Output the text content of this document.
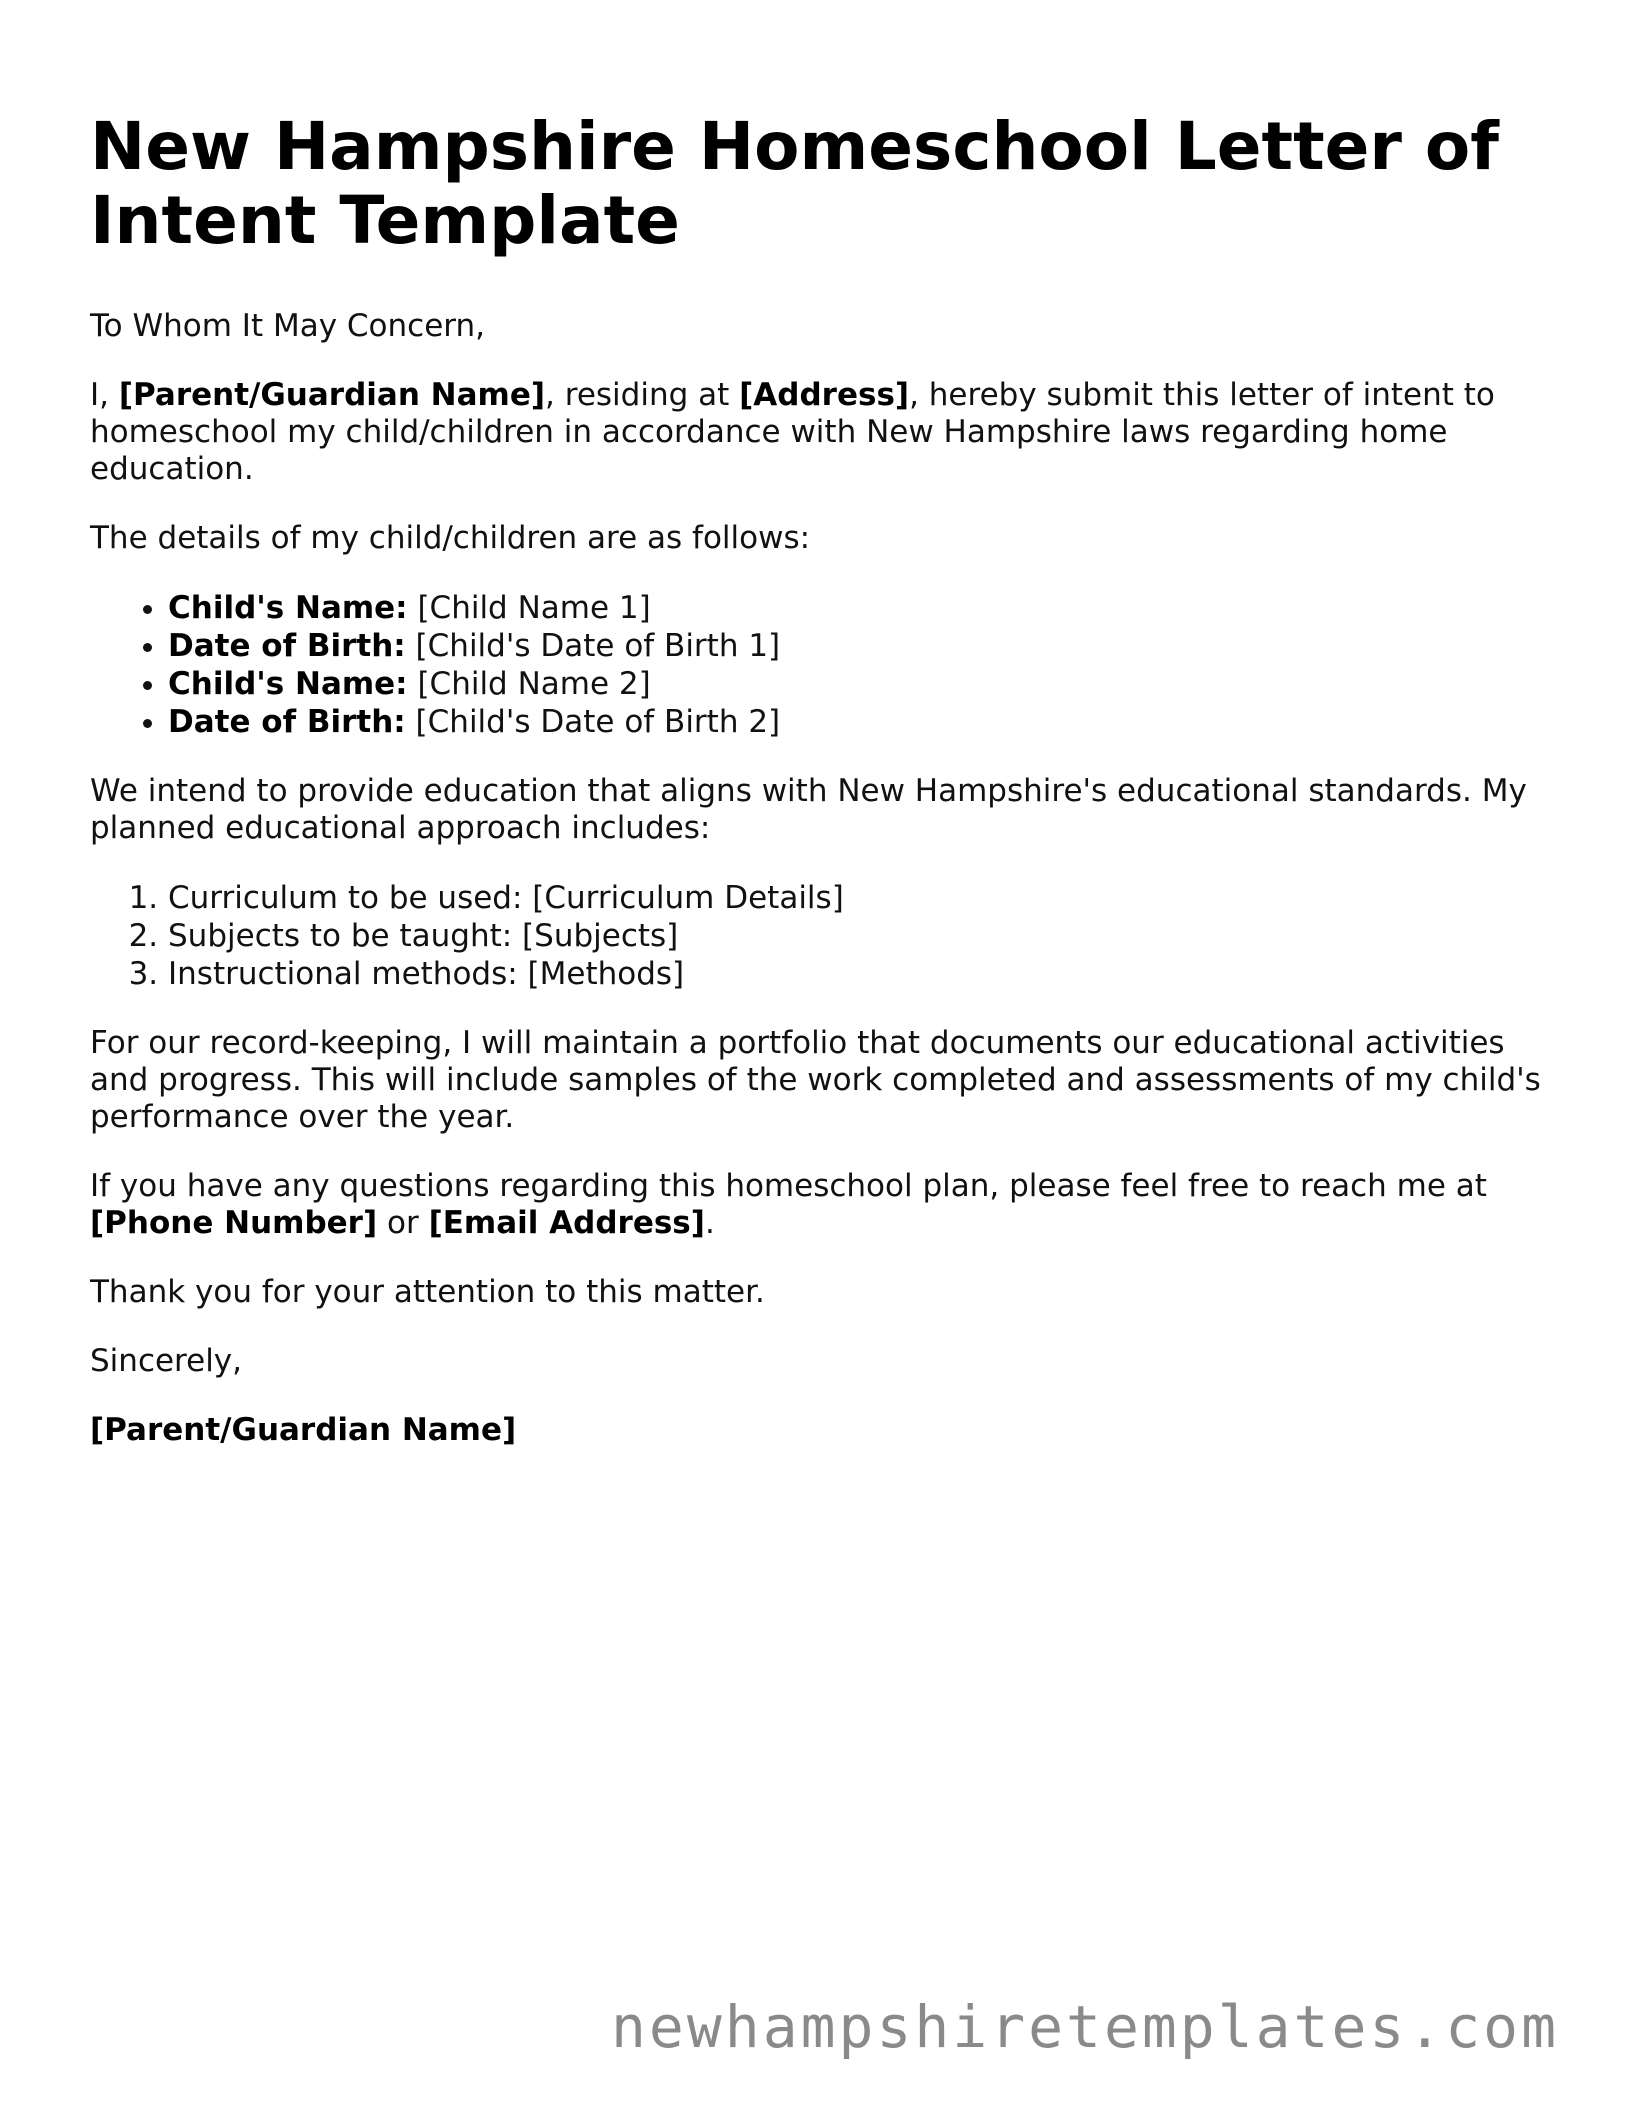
New Hampshire Homeschool Letter of
Intent Template

To Whom It May Concern,

I, [Parent/Guardian Name], residing at [Address], hereby submit this letter of intent to homeschool my child/children in accordance with New Hampshire laws regarding home education.

The details of my child/children are as follows:

• Child's Name: [Child Name 1]
• Date of Birth: [Child's Date of Birth 1]
• Child's Name: [Child Name 2]
• Date of Birth: [Child's Date of Birth 2]

We intend to provide education that aligns with New Hampshire's educational standards. My planned educational approach includes:

1. Curriculum to be used: [Curriculum Details]
2. Subjects to be taught: [Subjects]
3. Instructional methods: [Methods]

For our record-keeping, I will maintain a portfolio that documents our educational activities and progress. This will include samples of the work completed and assessments of my child's performance over the year.

If you have any questions regarding this homeschool plan, please feel free to reach me at [Phone Number] or [Email Address].

Thank you for your attention to this matter.

Sincerely,

[Parent/Guardian Name]

newhampshiretemplates.com
